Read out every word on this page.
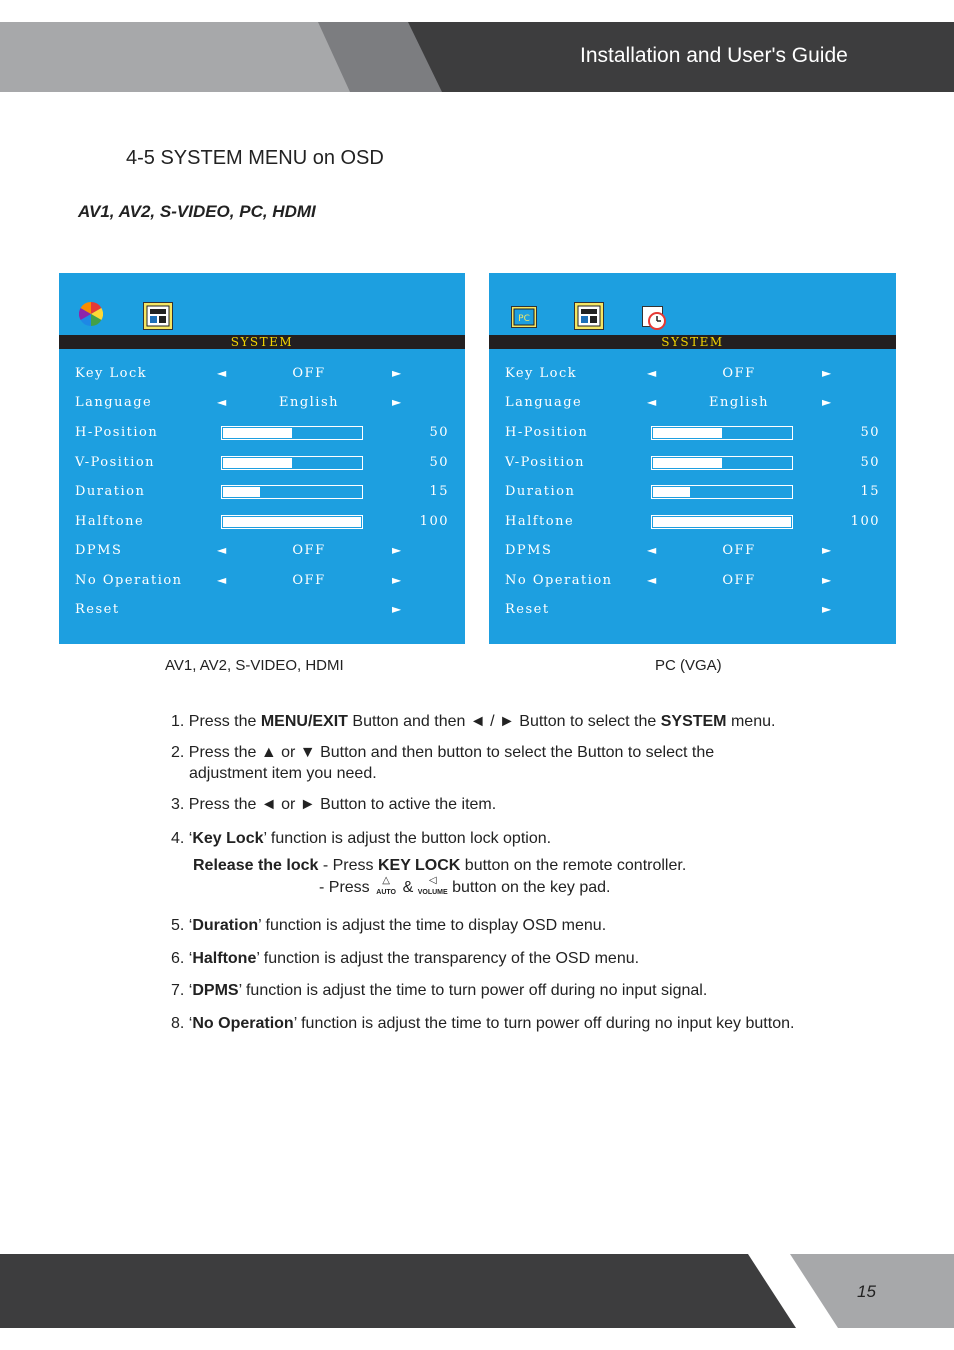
Installation and User's Guide
4-5 SYSTEM MENU on OSD
AV1, AV2, S-VIDEO, PC, HDMI
SYSTEM
Key Lock	◄	OFF	►
Language	◄	English	►
H-Position	50
V-Position	50
Duration	15
Halftone	100
DPMS	◄	OFF	►
No Operation	◄	OFF	►
Reset	►
PC
SYSTEM
Key Lock	◄	OFF	►
Language	◄	English	►
H-Position	50
V-Position	50
Duration	15
Halftone	100
DPMS	◄	OFF	►
No Operation	◄	OFF	►
Reset	►
AV1, AV2, S-VIDEO, HDMI	PC (VGA)
1. Press the MENU/EXIT Button and then ◄ / ► Button to select the SYSTEM menu.
2. Press the ▲ or ▼ Button and then button to select the Button to select the
adjustment item you need.
3. Press the ◄ or ► Button to active the item.
4. ‘Key Lock’ function is adjust the button lock option.
Release the lock - Press KEY LOCK button on the remote controller.
- Press △
AUTO &	◁
VOLUME button on the key pad.
5. ‘Duration’ function is adjust the time to display OSD menu.
6. ‘Halftone’ function is adjust the transparency of the OSD menu.
7. ‘DPMS’ function is adjust the time to turn power off during no input signal.
8. ‘No Operation’ function is adjust the time to turn power off during no input key button.
15
